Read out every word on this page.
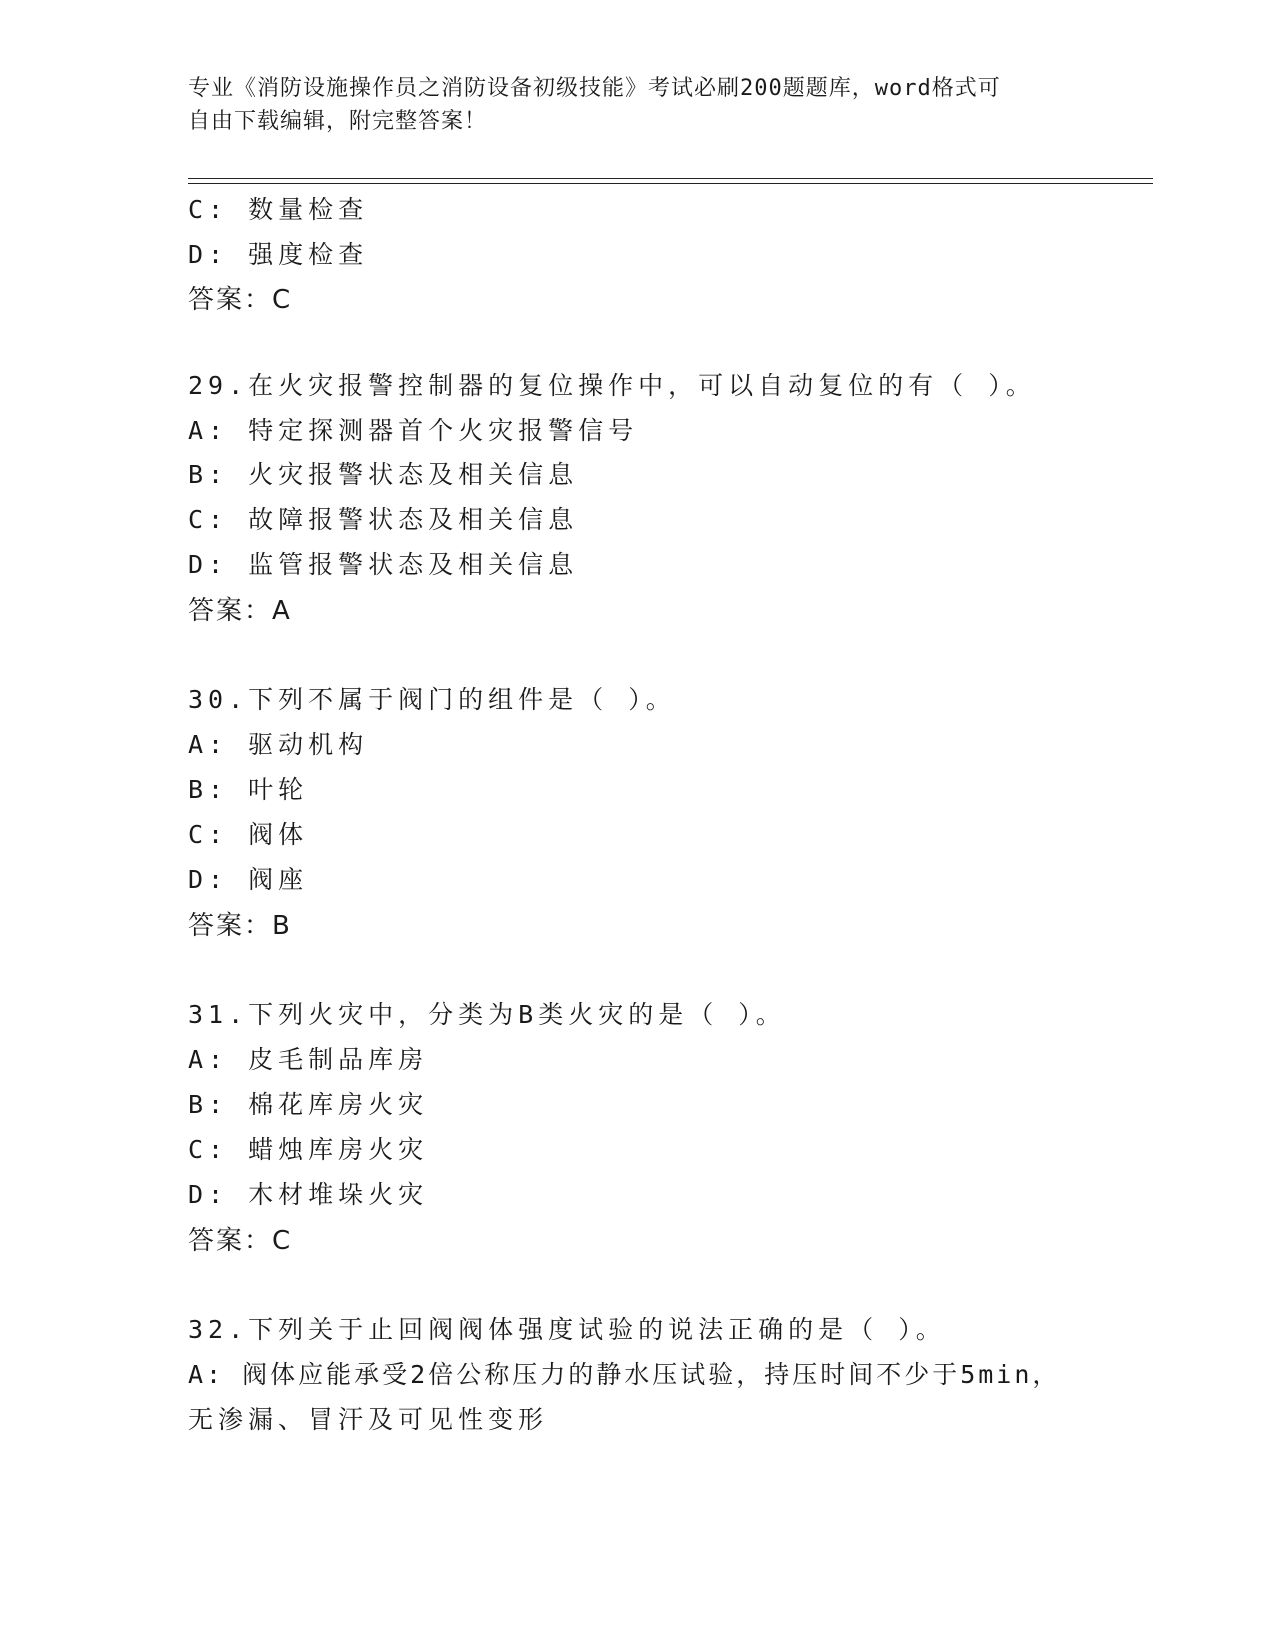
专业《消防设施操作员之消防设备初级技能》考试必刷200题题库，word格式可
自由下载编辑，附完整答案！
C: 数量检查
D: 强度检查
答案：C
29.在火灾报警控制器的复位操作中，可以自动复位的有（ ）。
A: 特定探测器首个火灾报警信号
B: 火灾报警状态及相关信息
C: 故障报警状态及相关信息
D: 监管报警状态及相关信息
答案：A
30.下列不属于阀门的组件是（ ）。
A: 驱动机构
B: 叶轮
C: 阀体
D: 阀座
答案：B
31.下列火灾中，分类为B类火灾的是（ ）。
A: 皮毛制品库房
B: 棉花库房火灾
C: 蜡烛库房火灾
D: 木材堆垛火灾
答案：C
32.下列关于止回阀阀体强度试验的说法正确的是（ ）。
A: 阀体应能承受2倍公称压力的静水压试验，持压时间不少于5min，
无渗漏、冒汗及可见性变形
